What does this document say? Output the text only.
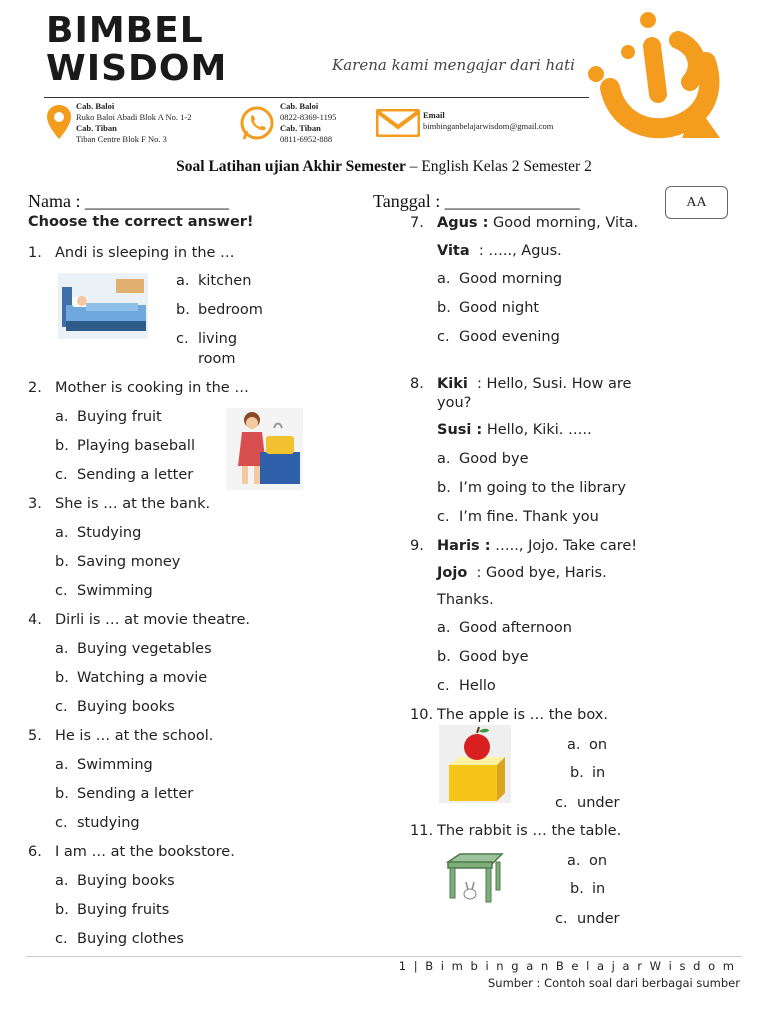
BIMBEL
WISDOM	Karena kami mengajar dari hati
Cab. Baloi
Ruko Baloi Abadi Blok A No. 1-2
Cab. Tiban
Tiban Centre Blok F No. 3
Cab. Baloi
0822-8369-1195
Cab. Tiban
0811-6952-888
Email
bimbinganbelajarwisdom@gmail.com
Soal Latihan ujian Akhir Semester – English Kelas 2 Semester 2
Nama : ________________	Tanggal : _______________	AA
Choose the correct answer!
1. Andi is sleeping in the …
a. kitchen
b. bedroom
c. living
room
2. Mother is cooking in the …
a. Buying fruit
b. Playing baseball
c. Sending a letter
3. She is … at the bank.
a. Studying
b. Saving money
c. Swimming
4. Dirli is … at movie theatre.
a. Buying vegetables
b. Watching a movie
c. Buying books
5. He is … at the school.
a. Swimming
b. Sending a letter
c. studying
6. I am … at the bookstore.
a. Buying books
b. Buying fruits
c. Buying clothes
7. Agus : Good morning, Vita.
Vita  : ….., Agus.
a. Good morning
b. Good night
c. Good evening
8. Kiki  : Hello, Susi. How are
you?
Susi : Hello, Kiki. …..
a. Good bye
b. I’m going to the library
c. I’m fine. Thank you
9. Haris : ….., Jojo. Take care!
Jojo  : Good bye, Haris.
Thanks.
a. Good afternoon
b. Good bye
c. Hello
10. The apple is … the box.
a. on
b. in
c. under
11. The rabbit is … the table.
a. on
b. in
c. under
1 | B i m b i n g a n B e l a j a r W i s d o m
Sumber : Contoh soal dari berbagai sumber
